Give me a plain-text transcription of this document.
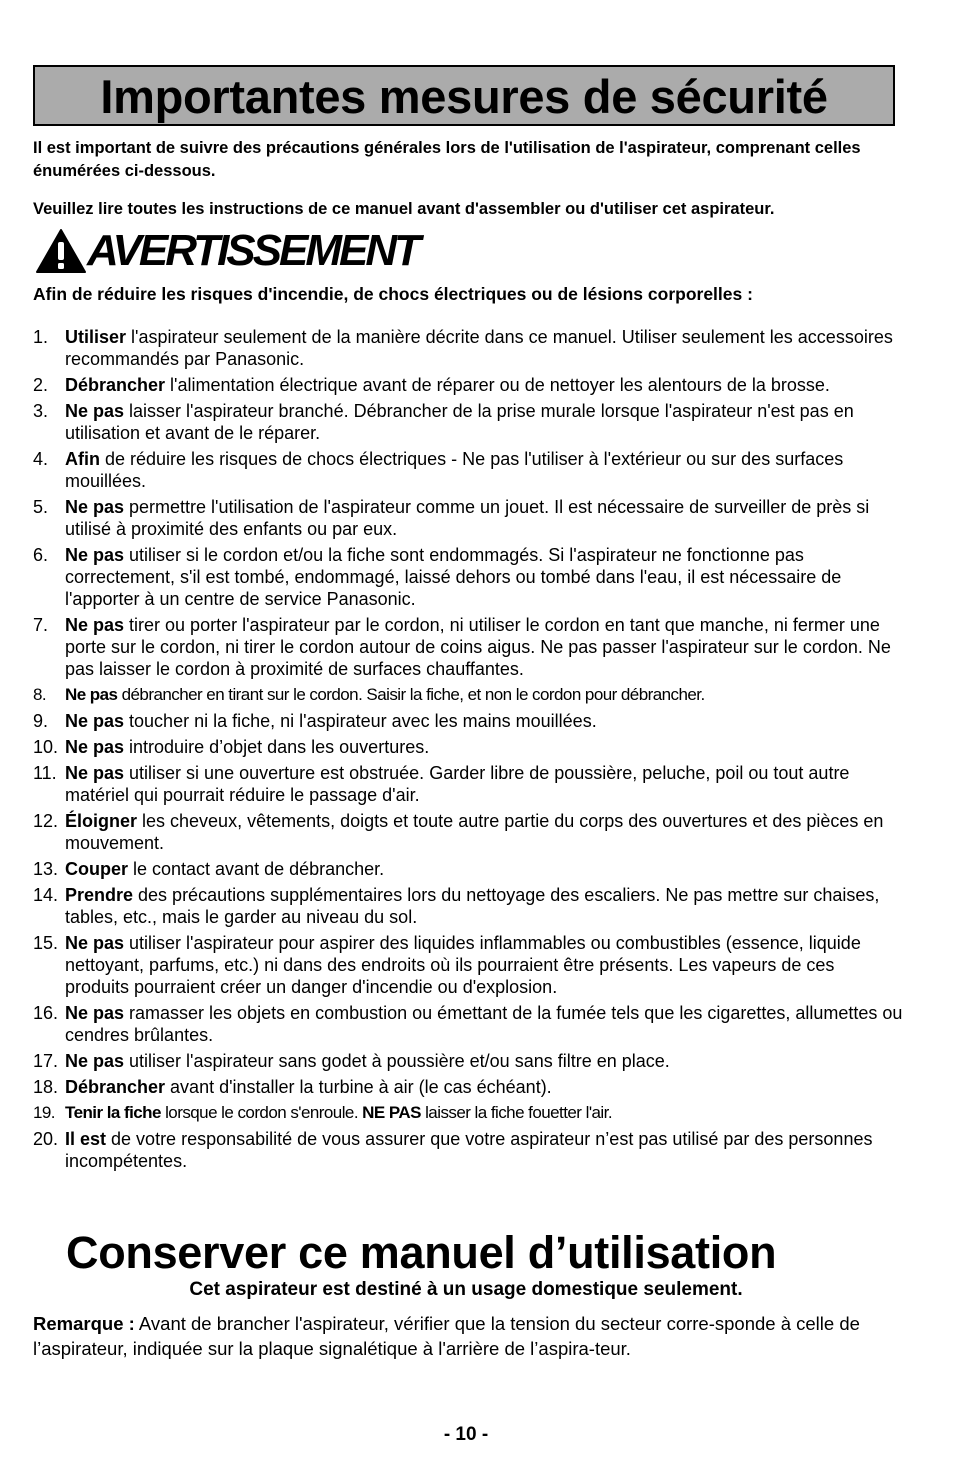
Importantes mesures de sécurité
Il est important de suivre des précautions générales lors de l'utilisation de l'aspirateur, comprenant celles énumérées ci-dessous.
Veuillez lire toutes les instructions de ce manuel avant d'assembler ou d'utiliser cet aspirateur.
AVERTISSEMENT
Afin de réduire les risques d'incendie, de chocs électriques ou de lésions corporelles :
1. Utiliser l'aspirateur seulement de la manière décrite dans ce manuel. Utiliser seulement les accessoires recommandés par Panasonic.
2. Débrancher l'alimentation électrique avant de réparer ou de nettoyer les alentours de la brosse.
3. Ne pas laisser l'aspirateur branché. Débrancher de la prise murale lorsque l'aspirateur n'est pas en utilisation et avant de le réparer.
4. Afin de réduire les risques de chocs électriques - Ne pas l'utiliser à l'extérieur ou sur des surfaces mouillées.
5. Ne pas permettre l'utilisation de l'aspirateur comme un jouet. Il est nécessaire de surveiller de près si utilisé à proximité des enfants ou par eux.
6. Ne pas utiliser si le cordon et/ou la fiche sont endommagés. Si l'aspirateur ne fonctionne pas correctement, s'il est tombé, endommagé, laissé dehors ou tombé dans l'eau, il est nécessaire de l'apporter à un centre de service Panasonic.
7. Ne pas tirer ou porter l'aspirateur par le cordon, ni utiliser le cordon en tant que manche, ni fermer une porte sur le cordon, ni tirer le cordon autour de coins aigus. Ne pas passer l'aspirateur sur le cordon. Ne pas laisser le cordon à proximité de surfaces chauffantes.
8.	Ne pas débrancher en tirant sur le cordon. Saisir la fiche, et non le cordon pour débrancher.
9. Ne pas toucher ni la fiche, ni l'aspirateur avec les mains mouillées.
10. Ne pas introduire d’objet dans les ouvertures.
11. Ne pas utiliser si une ouverture est obstruée. Garder libre de poussière, peluche, poil ou tout autre matériel qui pourrait réduire le passage d'air.
12. Éloigner les cheveux, vêtements, doigts et toute autre partie du corps des ouvertures et des pièces en mouvement.
13. Couper le contact avant de débrancher.
14. Prendre des précautions supplémentaires lors du nettoyage des escaliers. Ne pas mettre sur chaises, tables, etc., mais le garder au niveau du sol.
15. Ne pas utiliser l'aspirateur pour aspirer des liquides inflammables ou combustibles (essence, liquide nettoyant, parfums, etc.) ni dans des endroits où ils pourraient être présents. Les vapeurs de ces produits pourraient créer un danger d'incendie ou d'explosion.
16. Ne pas ramasser les objets en combustion ou émettant de la fumée tels que les cigarettes, allumettes ou cendres brûlantes.
17. Ne pas utiliser l'aspirateur sans godet à poussière et/ou sans filtre en place.
18. Débrancher avant d'installer la turbine à air (le cas échéant).
19. Tenir la fiche lorsque le cordon s'enroule. NE PAS laisser la fiche fouetter l'air.
20. Il est de votre responsabilité de vous assurer que votre aspirateur n’est pas utilisé par des personnes incompétentes.
Conserver ce manuel d’utilisation
Cet aspirateur est destiné à un usage domestique seulement.
Remarque : Avant de brancher l'aspirateur, vérifier que la tension du secteur corre-sponde à celle de l’aspirateur, indiquée sur la plaque signalétique à l'arrière de l’aspira-teur.
- 10 -
